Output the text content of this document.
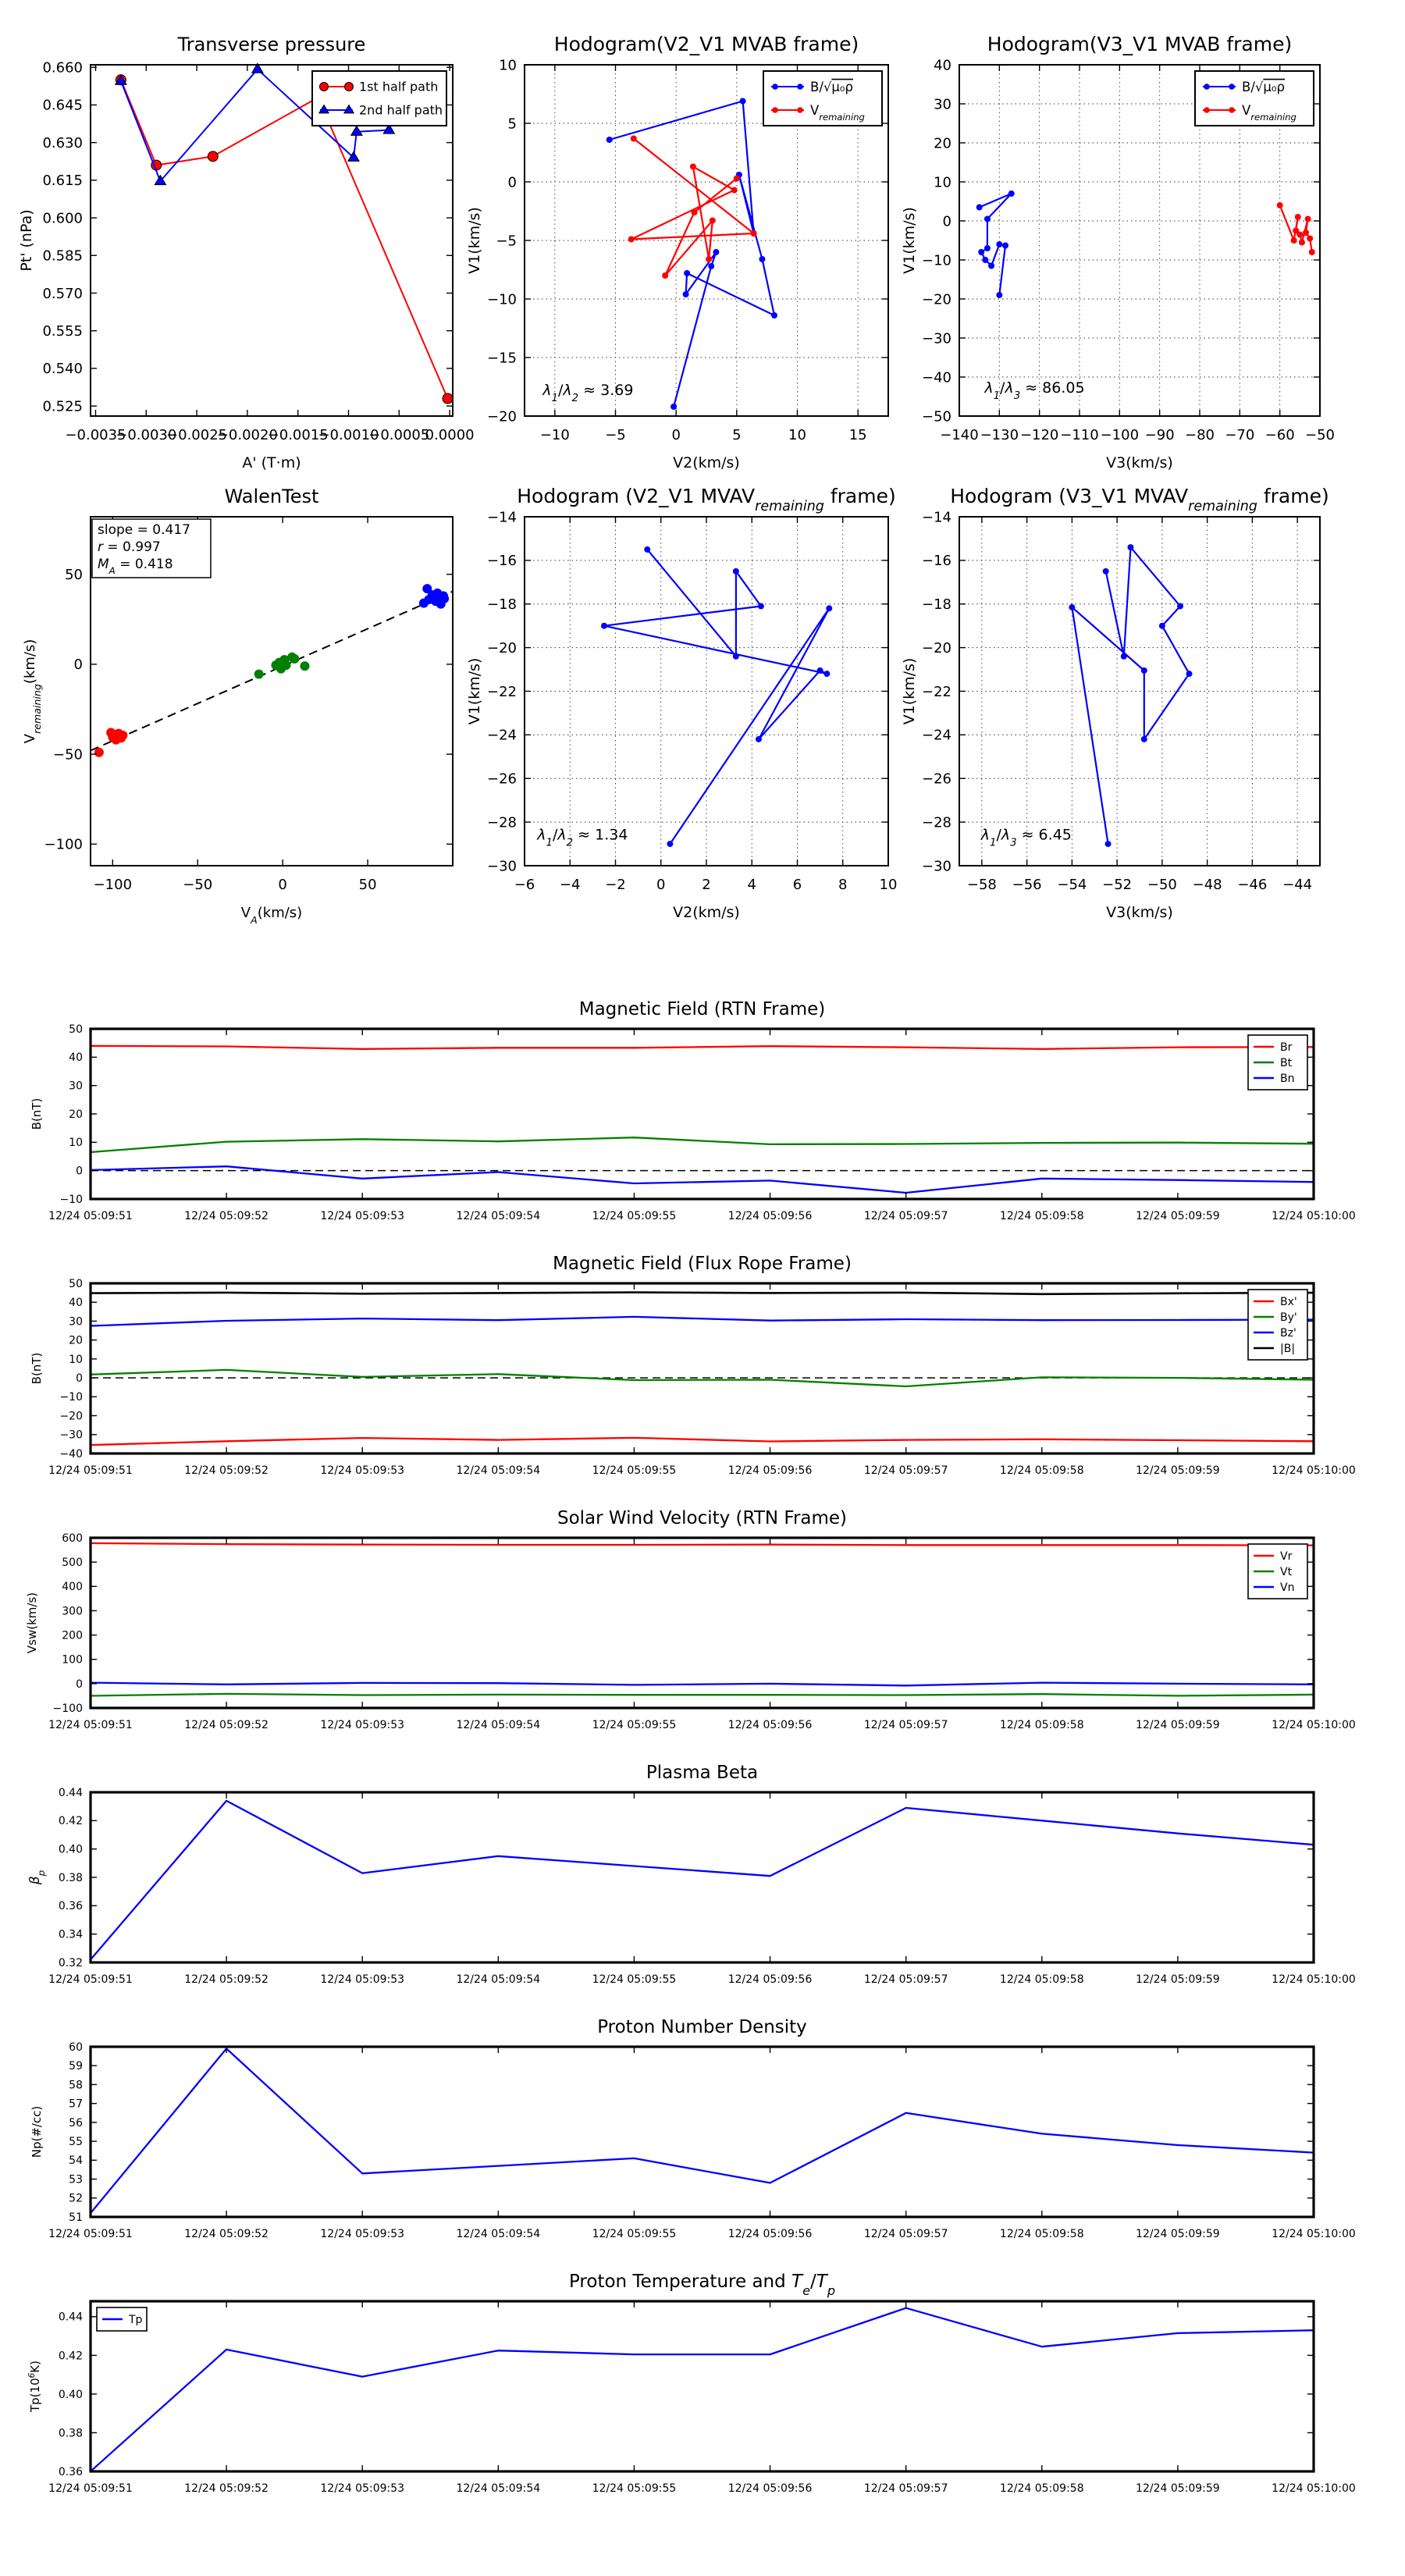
−0.0035
−0.0030
−0.0025
−0.0020
−0.0015
−0.0010
−0.0005
0.0000
0.525
0.540
0.555
0.570
0.585
0.600
0.615
0.630
0.645
0.660
Transverse pressure
A' (T·m)
Pt' (nPa)
1st half path
2nd half path
−10	−5	0	5	10	15
−20
−15
−10
−5
0
5
10
Hodogram(V2_V1 MVAB frame)
V2(km/s)
V1(km/s)
$\lambda_1/\lambda_2 \approx 3.69$
B/√μ₀ρ
$V_{remaining}$
−140 −130 −120 −110 −100 −90 −80 −70 −60 −50
−50
−40
−30
−20
−10
0
10
20
30
40
Hodogram(V3_V1 MVAB frame)
V3(km/s)
V1(km/s)
$\lambda_1/\lambda_3 \approx 86.05$
B/√μ₀ρ
$V_{remaining}$
−100	−50	0	50
−100
−50
0
50
WalenTest
$V_A(km/s)$
$V_{remaining}(km/s)$
slope = 0.417
r = 0.997
$M_A = 0.418$
−6 −4 −2 0	2	4	6	8 10
−30
−28
−26
−24
−22
−20
−18
−16
−14
Hodogram (V2_V1 $MVAV_{remaining}$ frame)
V2(km/s)
V1(km/s)
$\lambda_1/\lambda_2 \approx 1.34$
−58 −56 −54 −52 −50 −48 −46 −44
−30
−28
−26
−24
−22
−20
−18
−16
−14
Hodogram (V3_V1 $MVAV_{remaining}$ frame)
V3(km/s)
V1(km/s)
$\lambda_1/\lambda_3 \approx 6.45$
12/24 05:09:51	12/24 05:09:52	12/24 05:09:53	12/24 05:09:54	12/24 05:09:55	12/24 05:09:56	12/24 05:09:57	12/24 05:09:58	12/24 05:09:59	12/24 05:10:00
−10
0
10
20
30
40
50
Magnetic Field (RTN Frame)
B(nT)
Br
Bt
Bn
12/24 05:09:51	12/24 05:09:52	12/24 05:09:53	12/24 05:09:54	12/24 05:09:55	12/24 05:09:56	12/24 05:09:57	12/24 05:09:58	12/24 05:09:59	12/24 05:10:00
−40
−30
−20
−10
0
10
20
30
40
50
Magnetic Field (Flux Rope Frame)
B(nT)
Bx'
By'
Bz'
|B|
12/24 05:09:51	12/24 05:09:52	12/24 05:09:53	12/24 05:09:54	12/24 05:09:55	12/24 05:09:56	12/24 05:09:57	12/24 05:09:58	12/24 05:09:59	12/24 05:10:00
−100
0
100
200
300
400
500
600
Solar Wind Velocity (RTN Frame)
Vsw(km/s)
Vr
Vt
Vn
12/24 05:09:51	12/24 05:09:52	12/24 05:09:53	12/24 05:09:54	12/24 05:09:55	12/24 05:09:56	12/24 05:09:57	12/24 05:09:58	12/24 05:09:59	12/24 05:10:00
0.32
0.34
0.36
0.38
0.40
0.42
0.44
Plasma Beta
$\beta_p$
12/24 05:09:51	12/24 05:09:52	12/24 05:09:53	12/24 05:09:54	12/24 05:09:55	12/24 05:09:56	12/24 05:09:57	12/24 05:09:58	12/24 05:09:59	12/24 05:10:00
51
52
53
54
55
56
57
58
59
60
Proton Number Density
Np(#/cc)
12/24 05:09:51	12/24 05:09:52	12/24 05:09:53	12/24 05:09:54	12/24 05:09:55	12/24 05:09:56	12/24 05:09:57	12/24 05:09:58	12/24 05:09:59	12/24 05:10:00
0.36
0.38
0.40
0.42
0.44
Proton Temperature and $T_e/T_p$
$Tp(10^6K)$
Tp
